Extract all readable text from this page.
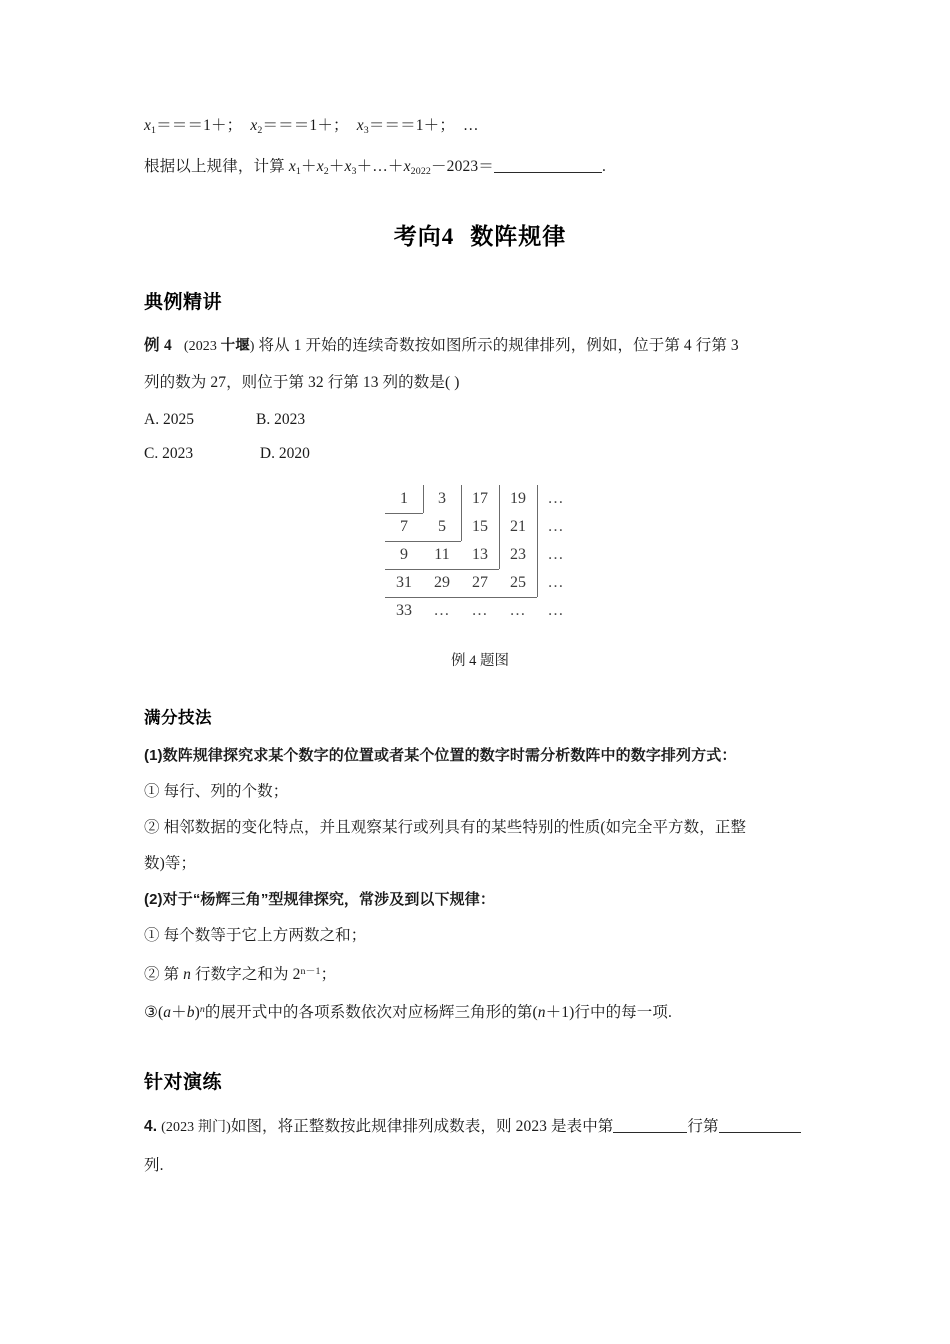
$x_1===1+$；  $x_2===1+$；  $x_3===1+$；  …
根据以上规律，计算 $x_1+x_2+x_3+\dots+x_{2022}-2023=$	.
考向4 数阵规律
典例精讲
例 4 (2023 十堰) 将从 1 开始的连续奇数按如图所示的规律排列，例如，位于第 4 行第 3
列的数为 27，则位于第 32 行第 13 列的数是( )
A. 2025	B. 2023
C. 2023	D. 2020
1	3	17	19	…
7	5	15	21	…
9	11	13	23	…
31	29	27	25	…
33	…	…	…	…
例 4 题图
满分技法
(1)数阵规律探究求某个数字的位置或者某个位置的数字时需分析数阵中的数字排列方式：
① 每行、列的个数；
② 相邻数据的变化特点，并且观察某行或列具有的某些特别的性质(如完全平方数，正整
数)等；
(2)对于“杨辉三角”型规律探究，常涉及到以下规律：
① 每个数等于它上方两数之和；
② 第 n 行数字之和为 $2^{n-1}$；
$③(a+b)^n$的展开式中的各项系数依次对应杨辉三角形的第(n＋1)行中的每一项.
针对演练
4. (2023 荆门)如图，将正整数按此规律排列成数表，则 2023 是表中第	行第列.
